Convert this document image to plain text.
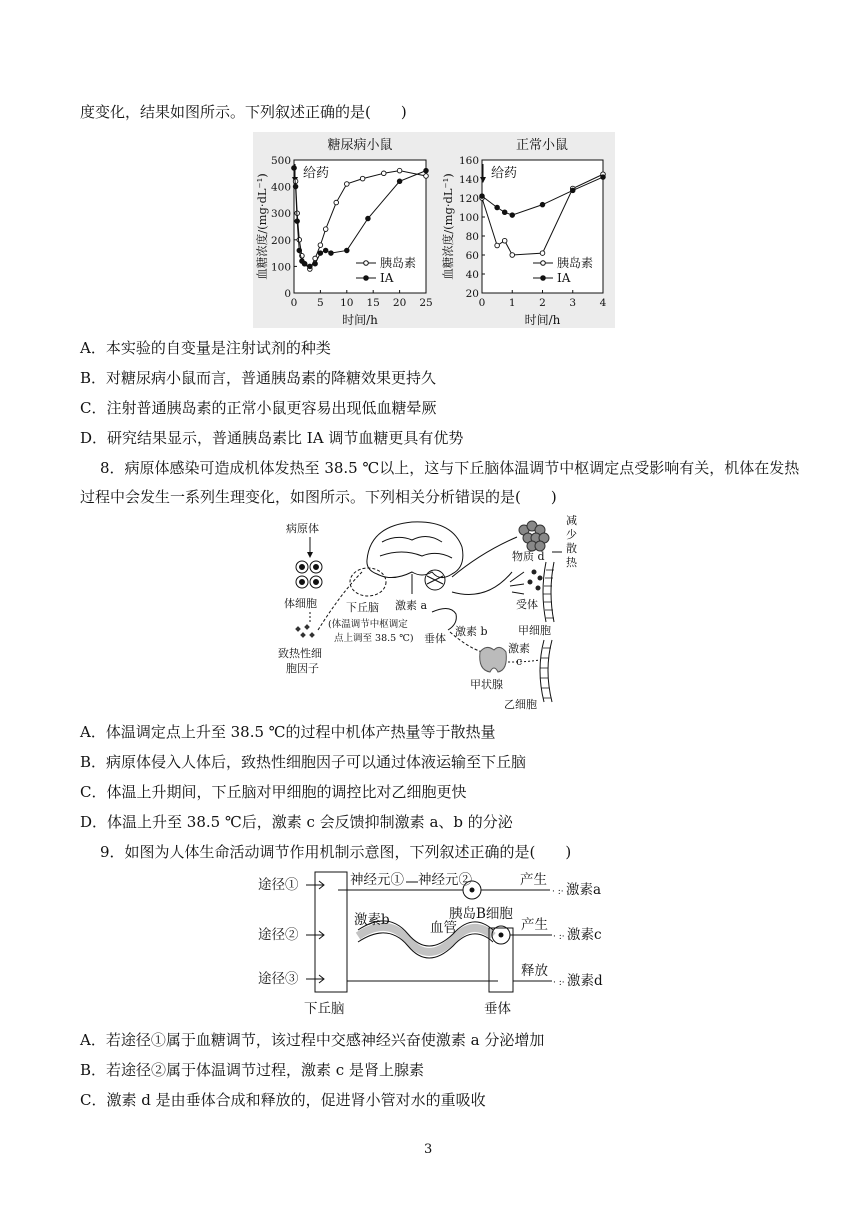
度变化，结果如图所示。下列叙述正确的是(　　)
糖尿病小鼠
0
100
200
300
400
500
0 5 10 15 20 25
时间/h
血糖浓度/(mg·dL⁻¹)	给药
胰岛素
IA
正常小鼠
20
40
60
80
100
120
140
160
0 1 2 3 4
时间/h
血糖浓度/(mg·dL⁻¹)	给药
胰岛素
IA
A．本实验的自变量是注射试剂的种类
B．对糖尿病小鼠而言，普通胰岛素的降糖效果更持久
C．注射普通胰岛素的正常小鼠更容易出现低血糖晕厥
D．研究结果显示，普通胰岛素比 IA 调节血糖更具有优势
8．病原体感染可造成机体发热至 38.5 ℃以上，这与下丘脑体温调节中枢调定点受影响有关，机体在发热
过程中会发生一系列生理变化，如图所示。下列相关分析错误的是(　　)
病原体
体细胞
致热性细
胞因子
下丘脑 激素 a
(体温调节中枢调定
点上调至 38.5 ℃) 垂体
激素 b
甲状腺
激素
c
物质 d
受体
减
少
散
热
甲细胞
乙细胞
A．体温调定点上升至 38.5 ℃的过程中机体产热量等于散热量
B．病原体侵入人体后，致热性细胞因子可以通过体液运输至下丘脑
C．体温上升期间，下丘脑对甲细胞的调控比对乙细胞更快
D．体温上升至 38.5 ℃后，激素 c 会反馈抑制激素 a、b 的分泌
9．如图为人体生命活动调节作用机制示意图，下列叙述正确的是(　　)
途径①
途径②
途径③
下丘脑	垂体
神经元① 神经元②	产生
· :· 激素a
激素b	血管
胰岛B细胞
产生
· :· 激素c
释放
· :· 激素d
A．若途径①属于血糖调节，该过程中交感神经兴奋使激素 a 分泌增加
B．若途径②属于体温调节过程，激素 c 是肾上腺素
C．激素 d 是由垂体合成和释放的，促进肾小管对水的重吸收
3
